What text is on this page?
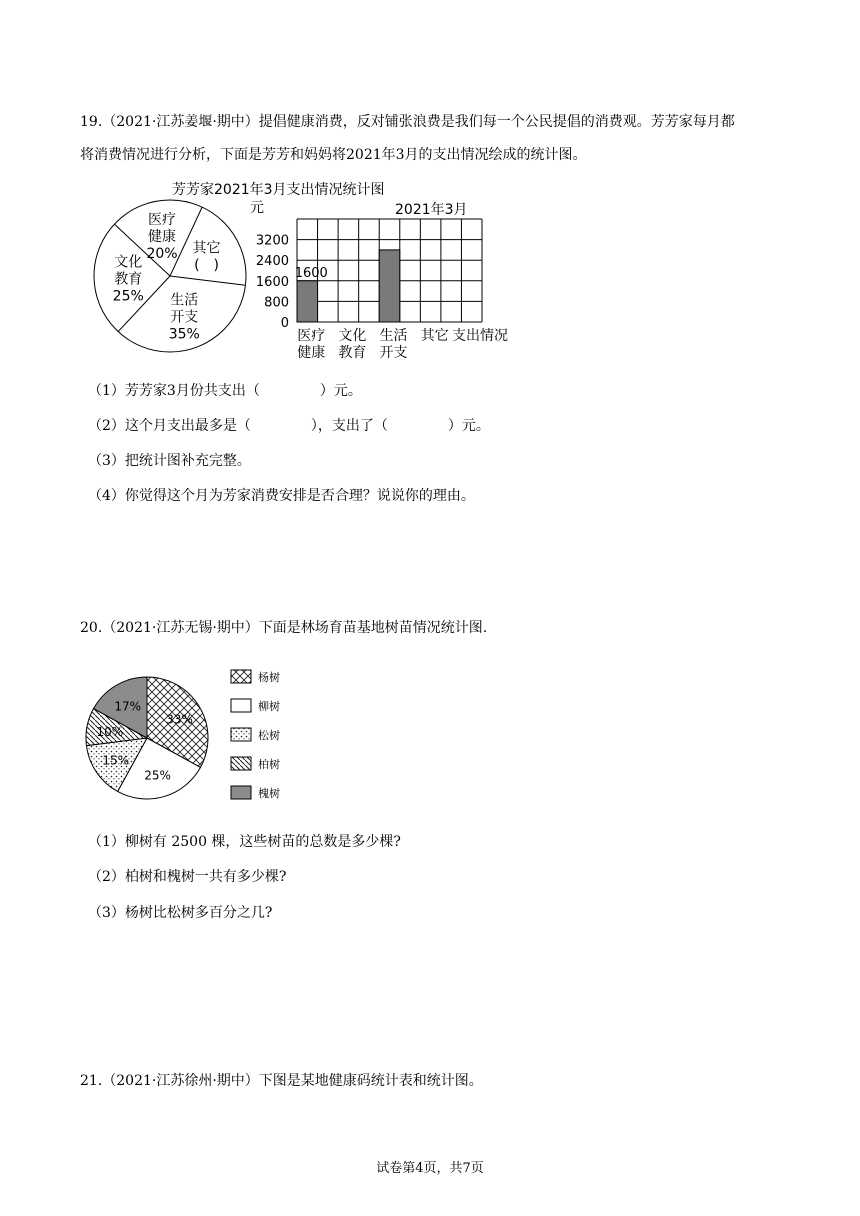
19.（2021·江苏姜堰·期中）提倡健康消费，反对铺张浪费是我们每一个公民提倡的消费观。芳芳家每月都
将消费情况进行分析，下面是芳芳和妈妈将2021年3月的支出情况绘成的统计图。
芳芳家2021年3月支出情况统计图
其它
(　)
生活
开支
35%
文化
教育
25%
医疗
健康
20%
元	2021年3月
3200
2400
1600
800
0
1600
医疗
健康
文化
教育
生活
开支
其它 支出情况
（1）芳芳家3月份共支出（	）元。
（2）这个月支出最多是（	），支出了（	）元。
（3）把统计图补充完整。
（4）你觉得这个月为芳家消费安排是否合理？说说你的理由。
20.（2021·江苏无锡·期中）下面是林场育苗基地树苗情况统计图.
33%
25%
15%
10%
17%
杨树
柳树
松树
柏树
槐树
（1）柳树有 2500 棵，这些树苗的总数是多少棵?
（2）柏树和槐树一共有多少棵?
（3）杨树比松树多百分之几?
21.（2021·江苏徐州·期中）下图是某地健康码统计表和统计图。
试卷第4页，共7页
